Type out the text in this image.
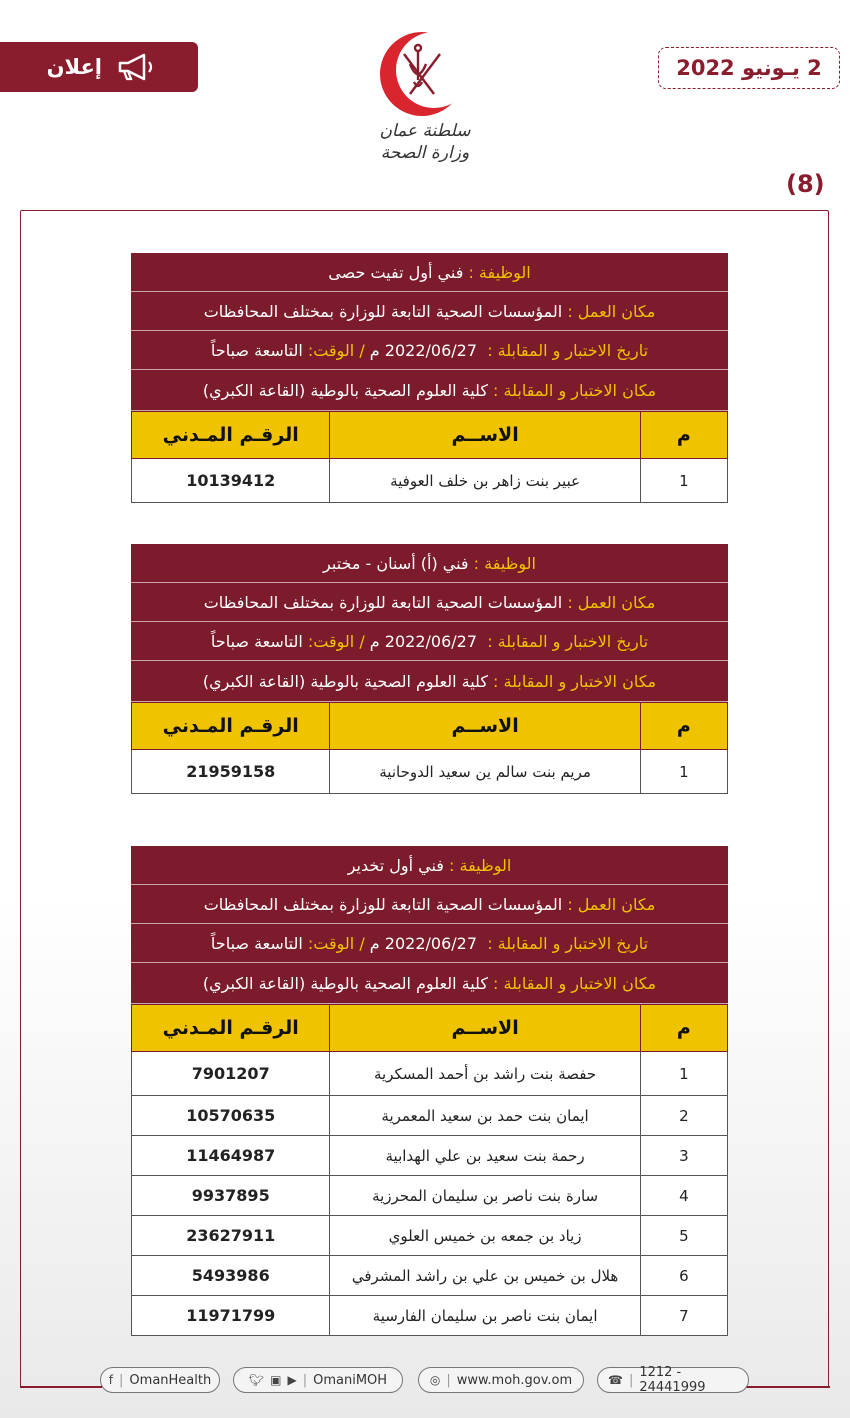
إعلان	2 يـونيو 2022
سلطنة عمان
وزارة الصحة
(8)
الوظيفة :

فني أول تفيت حصى
مكان العمل :

المؤسسات الصحية التابعة للوزارة بمختلف المحافظات
تاريخ الاختبار و المقابلة :

2022/06/27 م

/ الوقت:

التاسعة صباحاً
مكان الاختبار و المقابلة :

كلية العلوم الصحية بالوطية (القاعة الكبري)
م	الاســم	الرقـم المـدني
1	عبير بنت زاهر بن خلف العوفية	10139412
الوظيفة :

فني (أ) أسنان - مختبر
مكان العمل :

المؤسسات الصحية التابعة للوزارة بمختلف المحافظات
تاريخ الاختبار و المقابلة :

2022/06/27 م

/ الوقت:

التاسعة صباحاً
مكان الاختبار و المقابلة :

كلية العلوم الصحية بالوطية (القاعة الكبري)
م	الاســم	الرقـم المـدني
1	مريم بنت سالم ين سعيد الدوحانية	21959158
الوظيفة :

فني أول تخدير
مكان العمل :

المؤسسات الصحية التابعة للوزارة بمختلف المحافظات
تاريخ الاختبار و المقابلة :

2022/06/27 م

/ الوقت:

التاسعة صباحاً
مكان الاختبار و المقابلة :

كلية العلوم الصحية بالوطية (القاعة الكبري)
م	الاســم	الرقـم المـدني
1	حفصة بنت راشد بن أحمد المسكرية	7901207
2	ايمان بنت حمد بن سعيد المعمرية	10570635
3	رحمة بنت سعيد بن علي الهدابية	11464987
4	سارة بنت ناصر بن سليمان المحرزية	9937895
5	زياد بن جمعه بن خميس العلوي	23627911
6	هلال بن خميس بن علي بن راشد المشرفي	5493986
7	ايمان بنت ناصر بن سليمان الفارسية	11971799
f | OmanHealth	🐦︎ ▣ ▶ | OmaniMOH	◎ | www.moh.gov.om	☎ | 1212 - 24441999
